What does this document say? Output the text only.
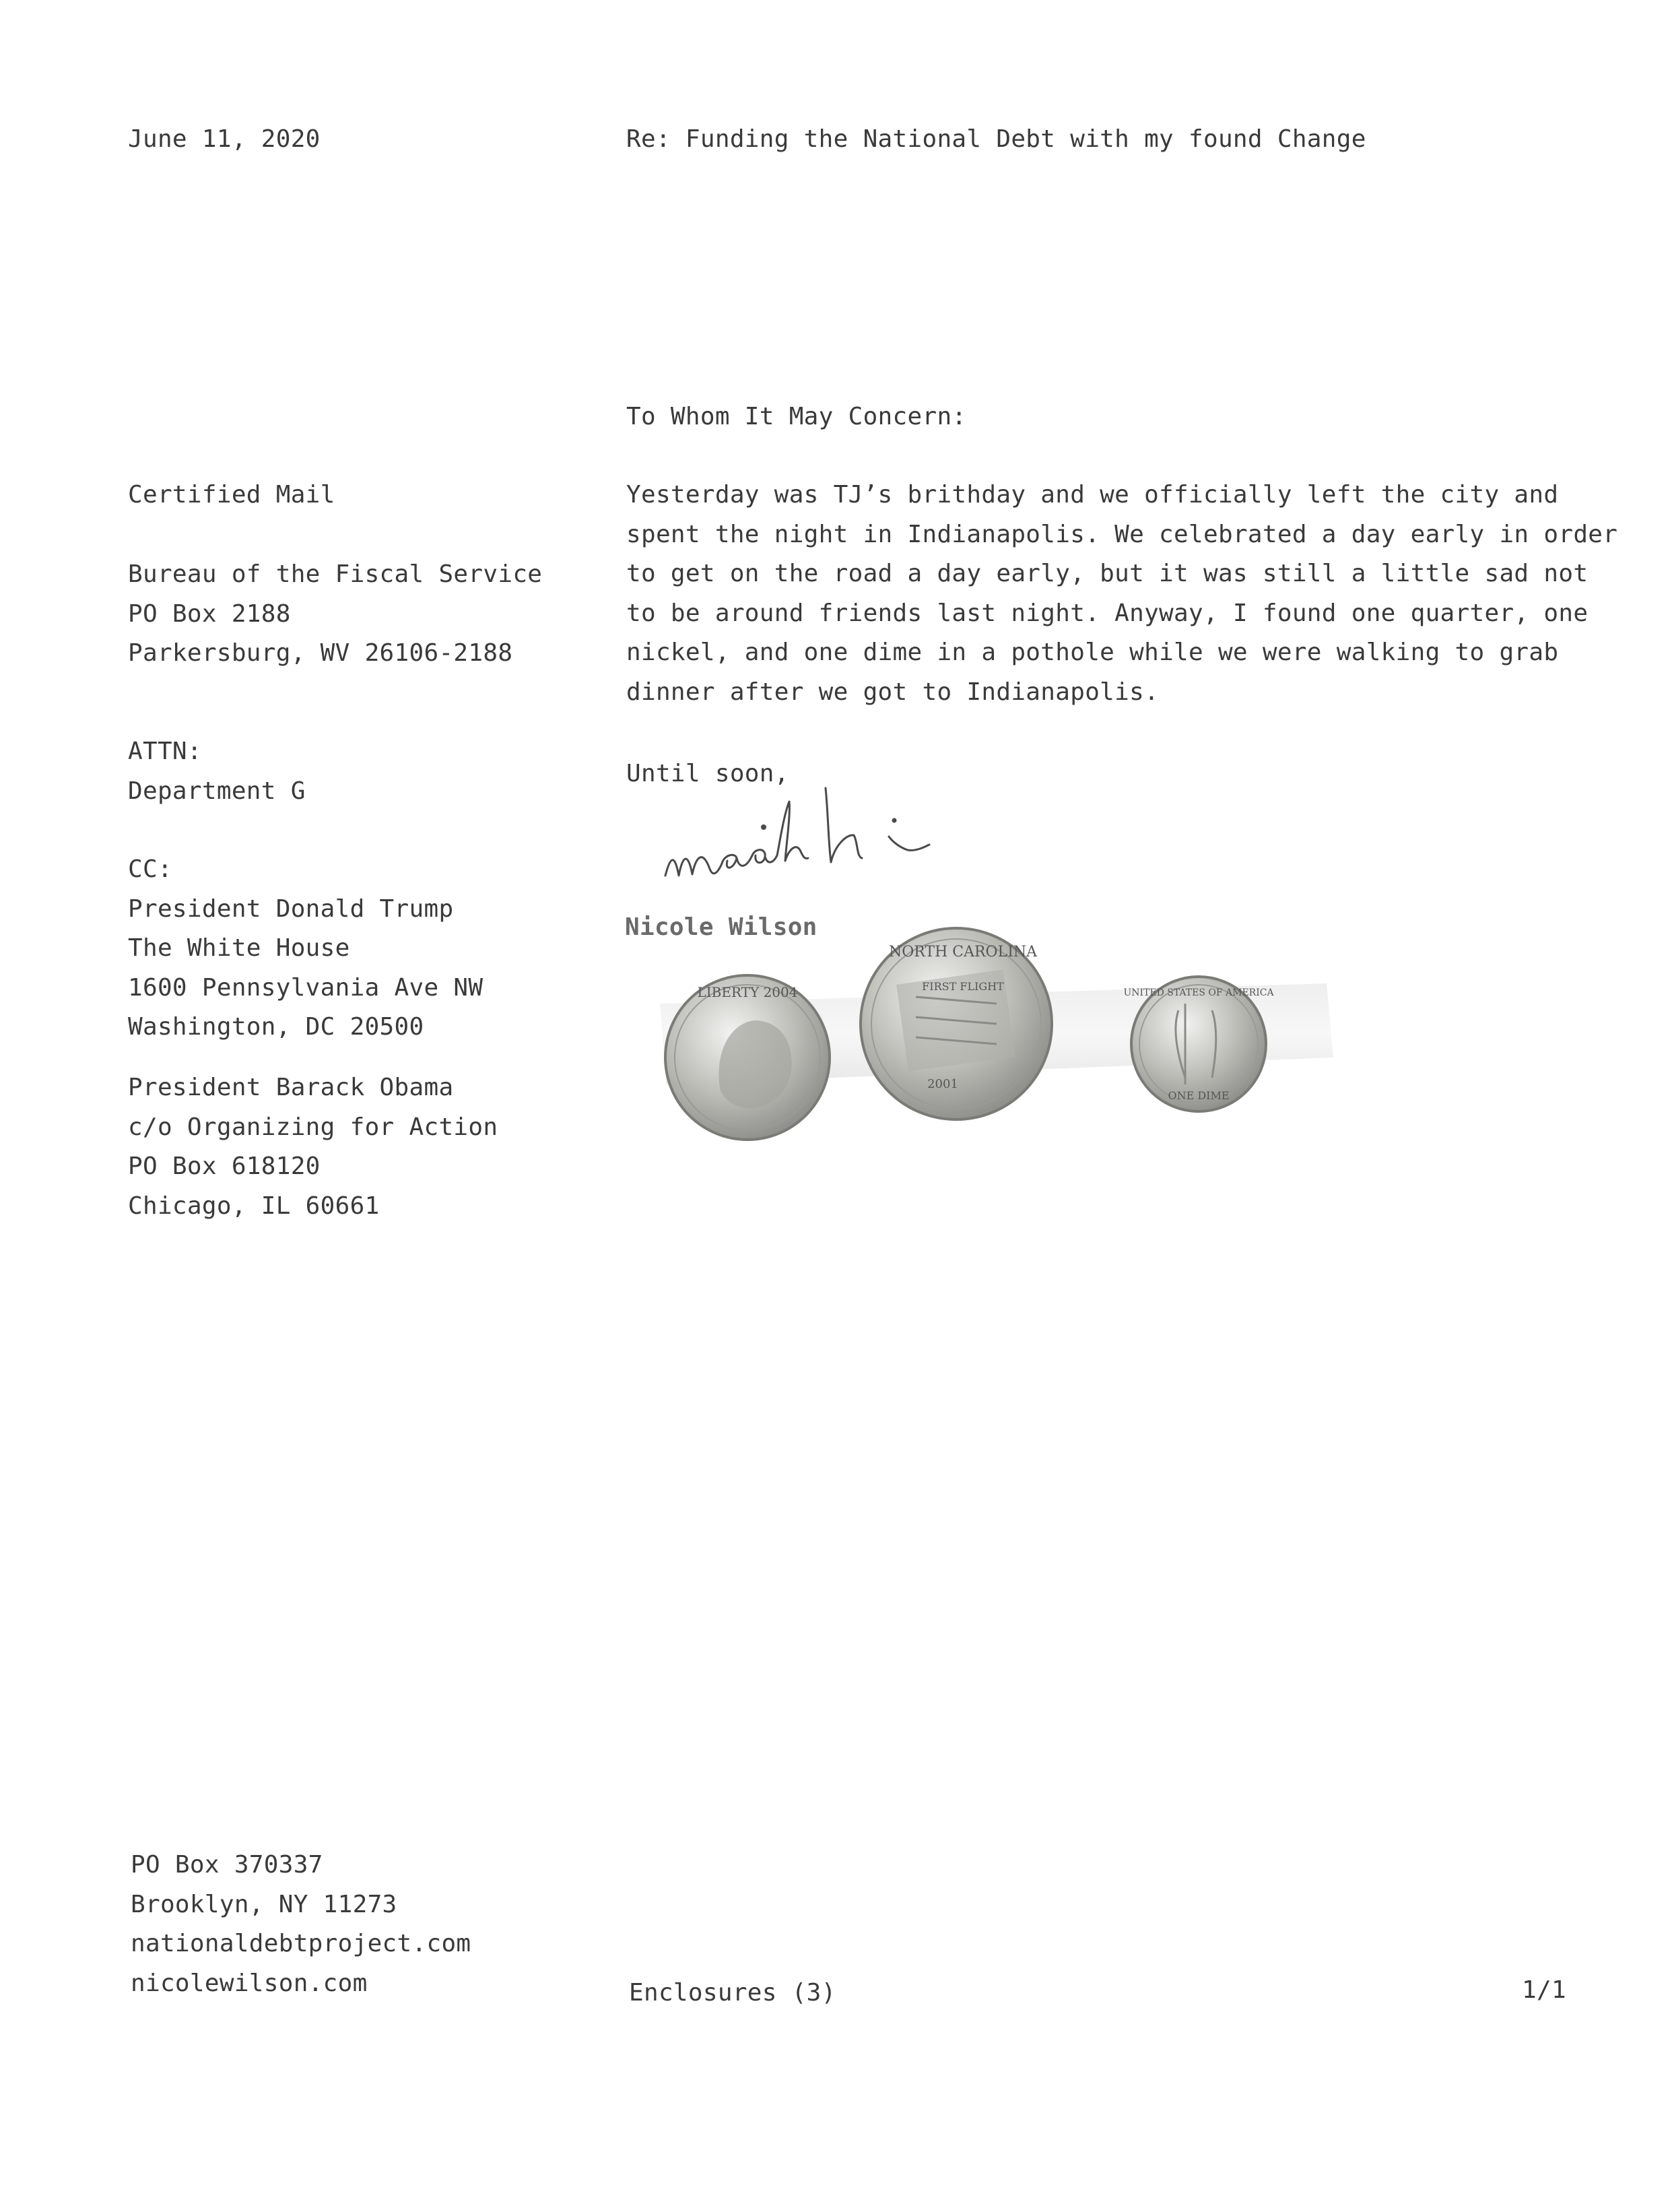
June 11, 2020	Re: Funding the National Debt with my found Change
To Whom It May Concern:
Certified Mail
Bureau of the Fiscal Service
PO Box 2188
Parkersburg, WV 26106-2188
ATTN:
Department G
CC:
President Donald Trump
The White House
1600 Pennsylvania Ave NW
Washington, DC 20500
President Barack Obama
c/o Organizing for Action
PO Box 618120
Chicago, IL 60661
Yesterday was TJ’s brithday and we officially left the city and
spent the night in Indianapolis. We celebrated a day early in order
to get on the road a day early, but it was still a little sad not
to be around friends last night. Anyway, I found one quarter, one
nickel, and one dime in a pothole while we were walking to grab
dinner after we got to Indianapolis.
Until soon,
Nicole Wilson
LIBERTY 2004
NORTH CAROLINA
FIRST FLIGHT
2001
UNITED STATES OF AMERICA
ONE DIME
PO Box 370337
Brooklyn, NY 11273
nationaldebtproject.com
nicolewilson.com	Enclosures (3)	1/1
